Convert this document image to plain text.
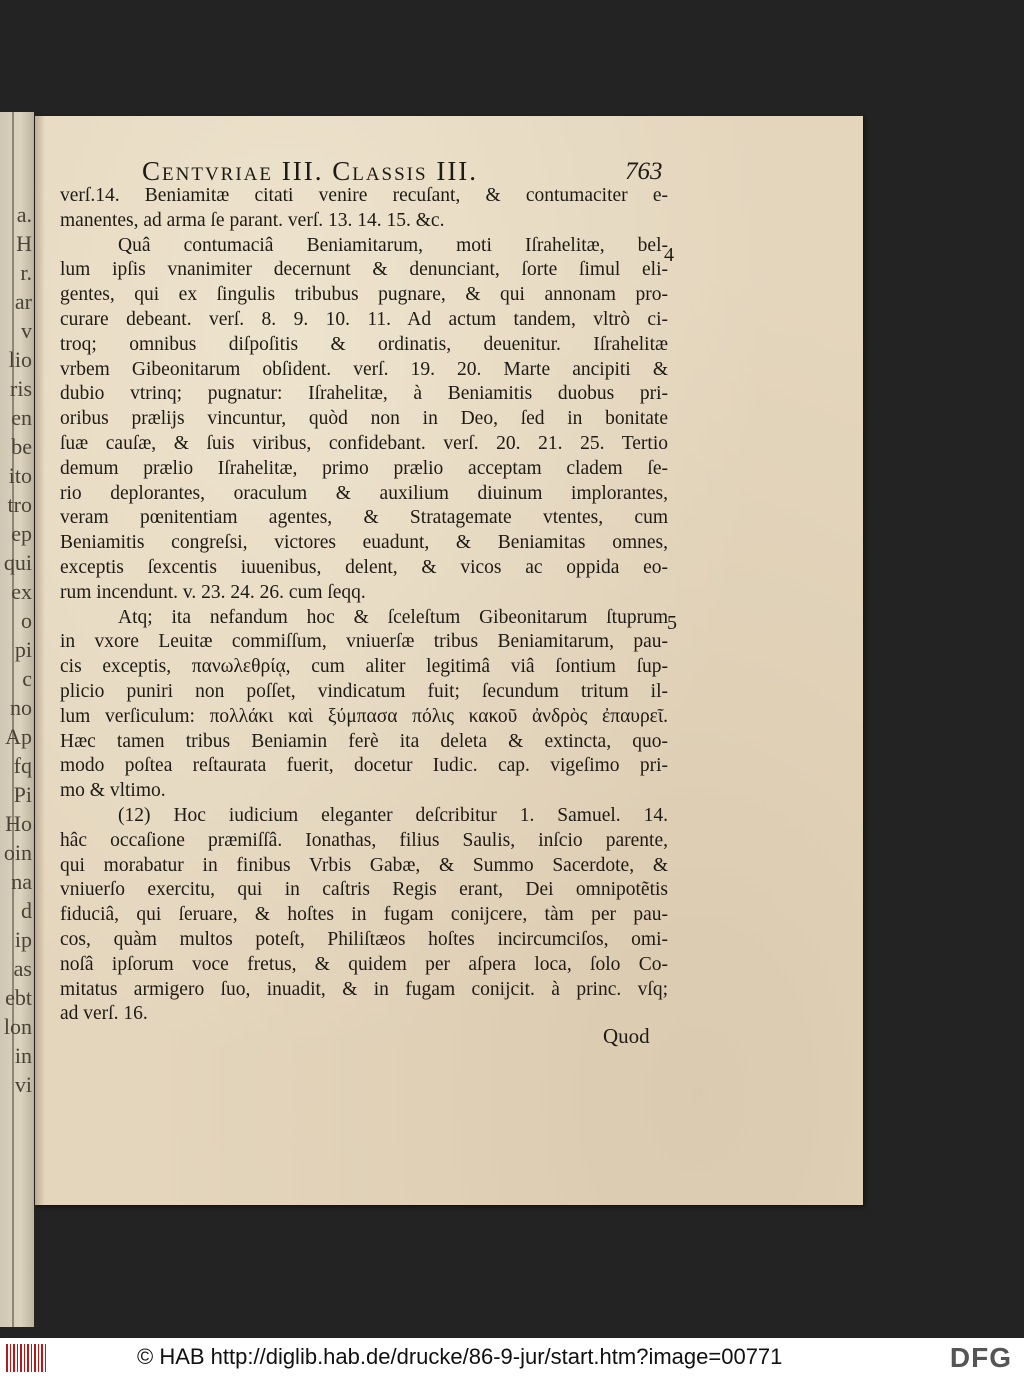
a.
H
r.
ar
v
lio
ris
en
be
ito
tro
ep
qui
ex
o
pi
c
no
Ap
fq
Pi
Ho
oin
na
d
ip
as
ebt
lon
in
vi
Centvriae III. Classis III.	763
verſ.14. Beniamitæ citati venire recuſant, & contumaciter e-
manentes, ad arma ſe parant. verſ. 13. 14. 15. &c.
Quâ contumaciâ Beniamitarum, moti Iſrahelitæ, bel-
lum ipſis vnanimiter decernunt & denunciant, ſorte ſimul eli-
gentes, qui ex ſingulis tribubus pugnare, & qui annonam pro-
curare debeant. verſ. 8. 9. 10. 11. Ad actum tandem, vltrò ci-
troq; omnibus diſpoſitis & ordinatis, deuenitur. Iſrahelitæ
vrbem Gibeonitarum obſident. verſ. 19. 20. Marte ancipiti &
dubio vtrinq; pugnatur: Iſrahelitæ, à Beniamitis duobus pri-
oribus prælijs vincuntur, quòd non in Deo, ſed in bonitate
ſuæ cauſæ, & ſuis viribus, confidebant. verſ. 20. 21. 25. Tertio
demum prælio Iſrahelitæ, primo prælio acceptam cladem ſe-
rio deplorantes, oraculum & auxilium diuinum implorantes,
veram pœnitentiam agentes, & Stratagemate vtentes, cum
Beniamitis congreſsi, victores euadunt, & Beniamitas omnes,
exceptis ſexcentis iuuenibus, delent, & vicos ac oppida eo-
rum incendunt. v. 23. 24. 26. cum ſeqq.
Atq; ita nefandum hoc & ſceleſtum Gibeonitarum ſtuprum
in vxore Leuitæ commiſſum, vniuerſæ tribus Beniamitarum, pau-
cis exceptis, πανωλεθρίᾳ, cum aliter legitimâ viâ ſontium ſup-
plicio puniri non poſſet, vindicatum fuit; ſecundum tritum il-
lum verſiculum: πολλάκι καὶ ξύμπασα πόλις κακοῦ ἀνδρὸς ἐπαυρεῖ.
Hæc tamen tribus Beniamin ferè ita deleta & extincta, quo-
modo poſtea reſtaurata fuerit, docetur Iudic. cap. vigeſimo pri-
mo & vltimo.
(12) Hoc iudicium eleganter deſcribitur 1. Samuel. 14.
hâc occaſione præmiſſâ. Ionathas, filius Saulis, inſcio parente,
qui morabatur in finibus Vrbis Gabæ, & Summo Sacerdote, &
vniuerſo exercitu, qui in caſtris Regis erant, Dei omnipotẽtis
fiduciâ, qui ſeruare, & hoſtes in fugam conijcere, tàm per pau-
cos, quàm multos poteſt, Philiſtæos hoſtes incircumciſos, omi-
noſâ ipſorum voce fretus, & quidem per aſpera loca, ſolo Co-
mitatus armigero ſuo, inuadit, & in fugam conijcit. à princ. vſq;
ad verſ. 16.
4
5
Quod
© HAB http://diglib.hab.de/drucke/86-9-jur/start.htm?image=00771	DFG
